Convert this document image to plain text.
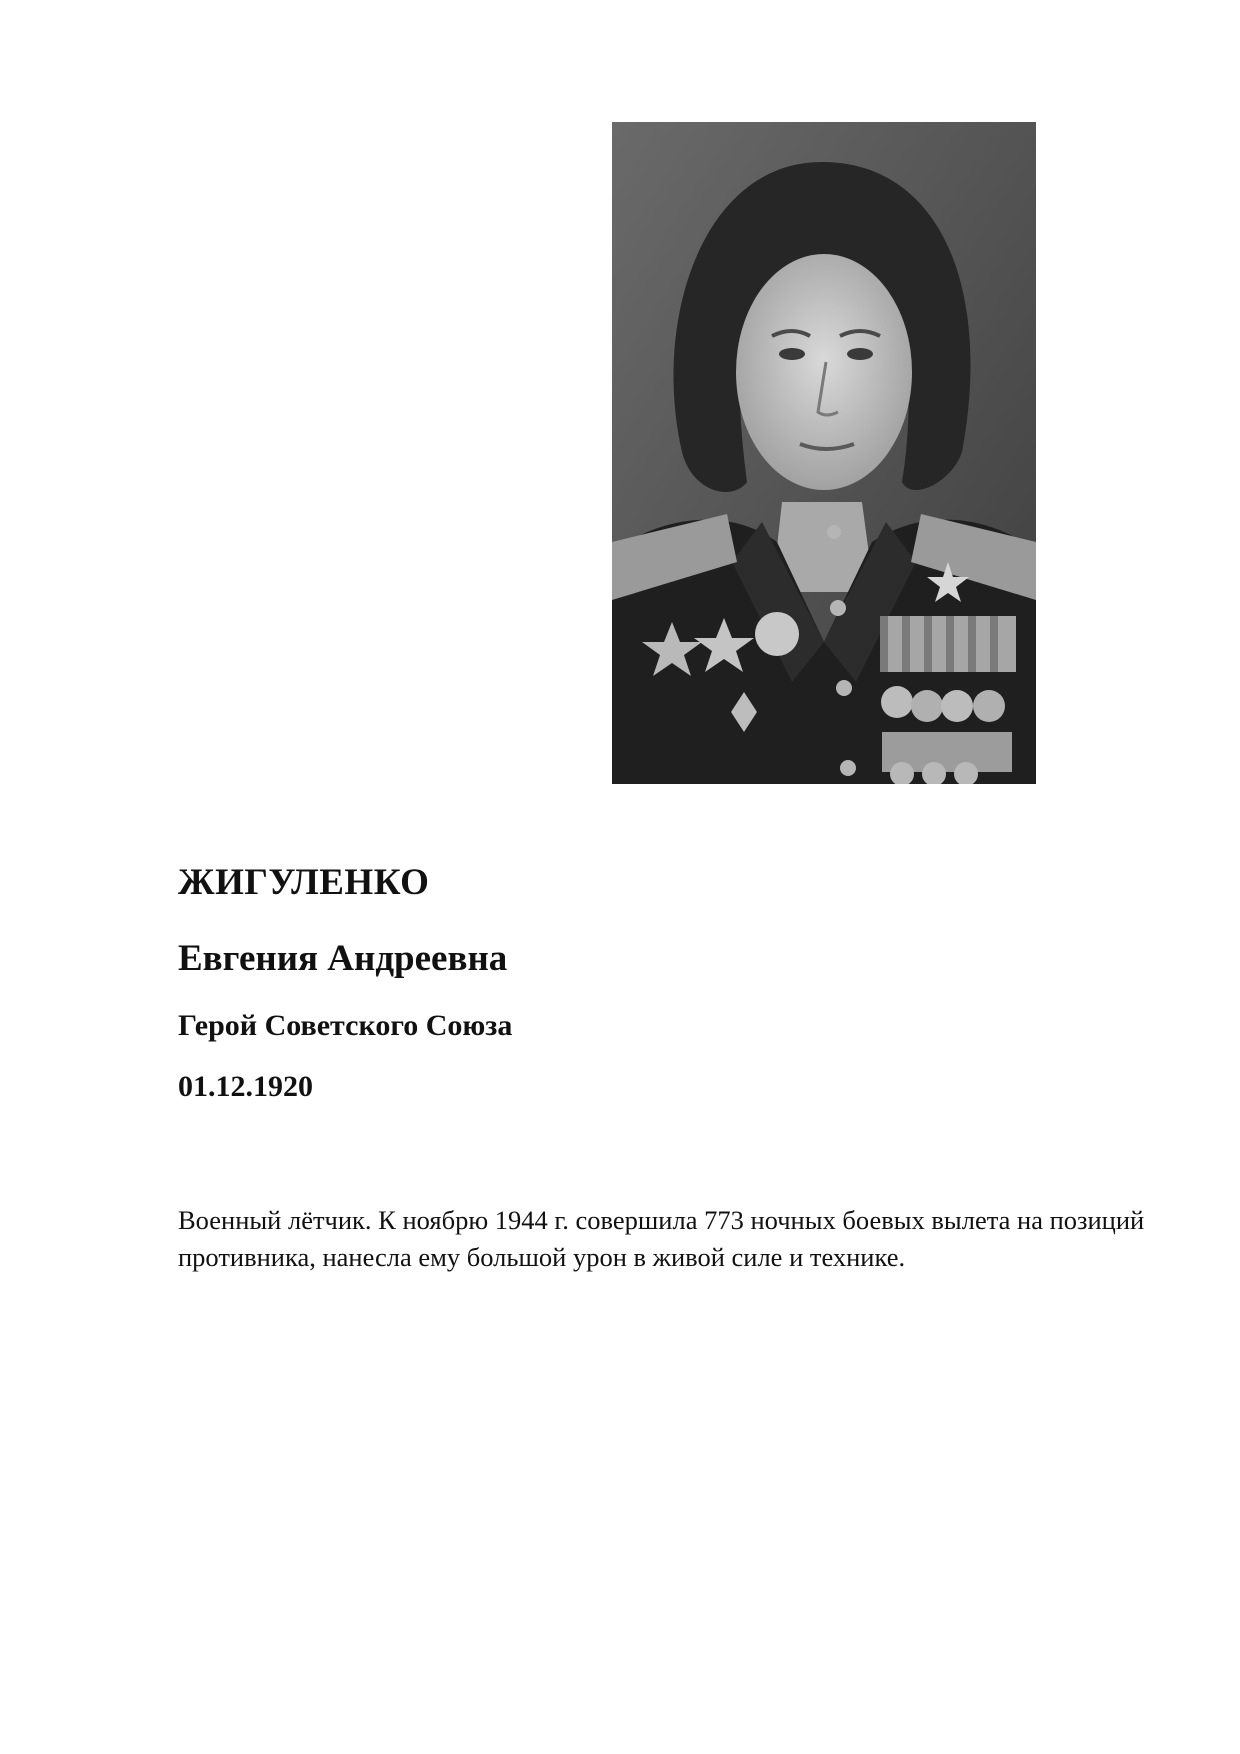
ЖИГУЛЕНКО
Евгения Андреевна

Герой Советского Союза

01.12.1920

Военный лётчик. К ноябрю 1944 г. совершила 773 ночных боевых вылета на позиций противника, нанесла ему большой урон в живой силе и технике.
